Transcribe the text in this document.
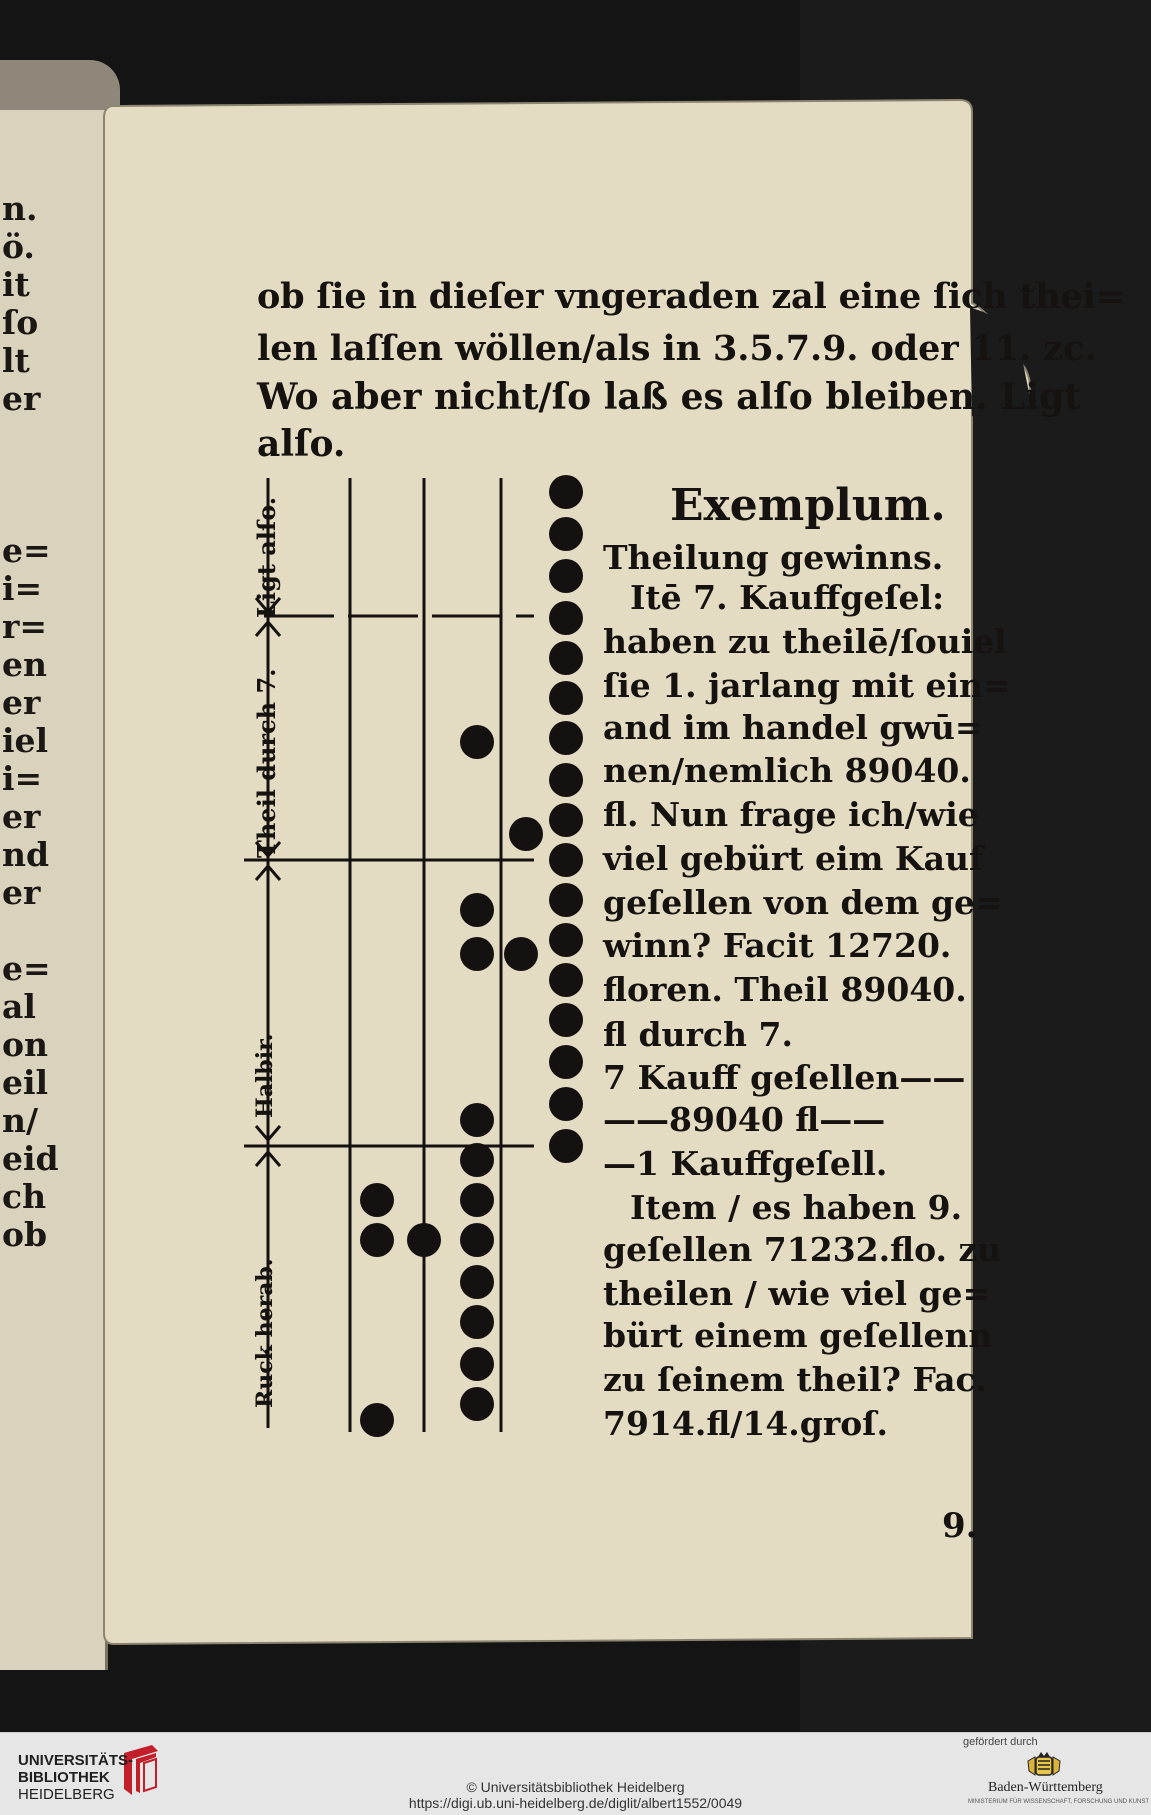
n.
ö.
it
ſo
lt
er
e=
i=
r=
en
er
iel
i=
er
nd
er
e=
al
on
eil
n/
eid
ch
ob
ob ſie in dieſer vngeraden zal eine ſich thei=
len laſſen wöllen/als in 3.5.7.9. oder 11. zc.
Wo aber nicht/ſo laß es alſo bleiben. Ligt
alſo.
Exemplum.
Theilung gewinns.
Itē 7. Kauffgeſel:
haben zu theilē/ſouiel
ſie 1. jarlang mit ein=
and im handel gwū=
nen/nemlich 89040.
fl. Nun frage ich/wie
viel gebürt eim Kauf
geſellen von dem ge=
winn? Facit 12720.
floren. Theil 89040.
fl durch 7.
7 Kauff geſellen——
——89040 fl——
—1 Kauffgeſell.
Item / es haben 9.
geſellen 71232.flo. zu
theilen / wie viel ge=
bürt einem geſellenn
zu ſeinem theil? Fac.
7914.fl/14.groſ.
9.
Ligt alſo.
Theil durch 7.
Halbir.
Ruck herab.
UNIVERSITÄTS-
BIBLIOTHEK
HEIDELBERG	© Universitätsbibliothek Heidelberg
https://digi.ub.uni-heidelberg.de/diglit/albert1552/0049
gefördert durch
Baden-Württemberg
MINISTERIUM FÜR WISSENSCHAFT, FORSCHUNG UND KUNST
